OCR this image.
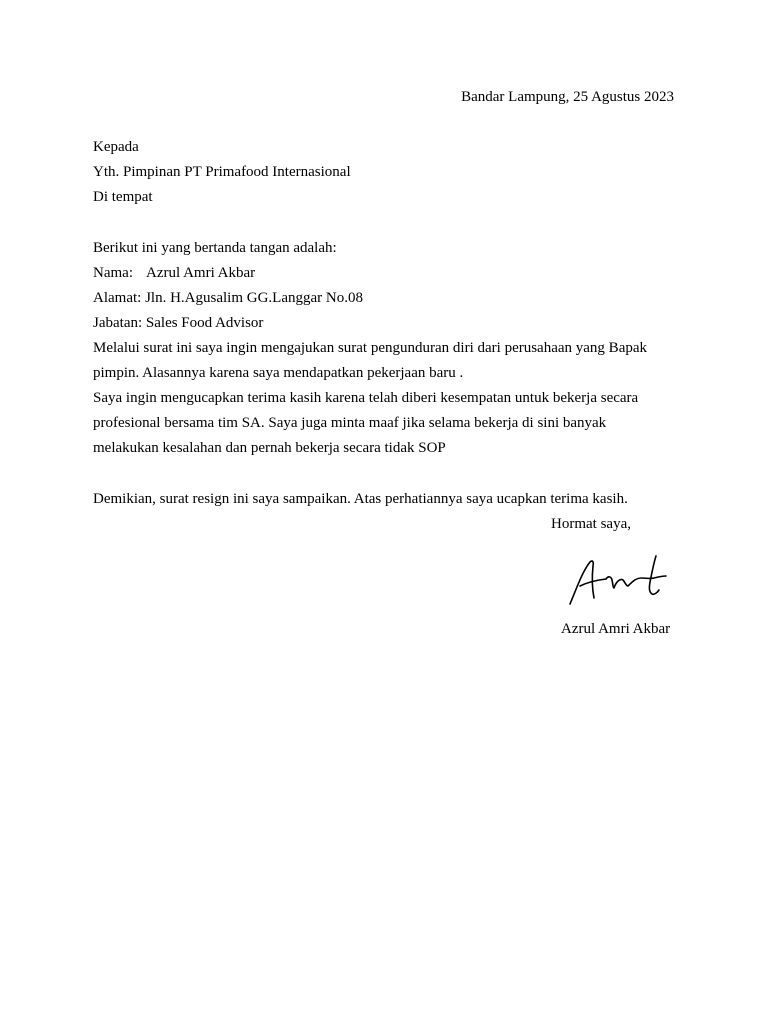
Bandar Lampung, 25 Agustus 2023
Kepada
Yth. Pimpinan PT Primafood Internasional
Di tempat
Berikut ini yang bertanda tangan adalah:
Nama: Azrul Amri Akbar
Alamat: Jln. H.Agusalim GG.Langgar No.08
Jabatan: Sales Food Advisor
Melalui surat ini saya ingin mengajukan surat pengunduran diri dari perusahaan yang Bapak
pimpin. Alasannya karena saya mendapatkan pekerjaan baru .
Saya ingin mengucapkan terima kasih karena telah diberi kesempatan untuk bekerja secara
profesional bersama tim SA. Saya juga minta maaf jika selama bekerja di sini banyak
melakukan kesalahan dan pernah bekerja secara tidak SOP
Demikian, surat resign ini saya sampaikan. Atas perhatiannya saya ucapkan terima kasih.
Hormat saya,
Azrul Amri Akbar
